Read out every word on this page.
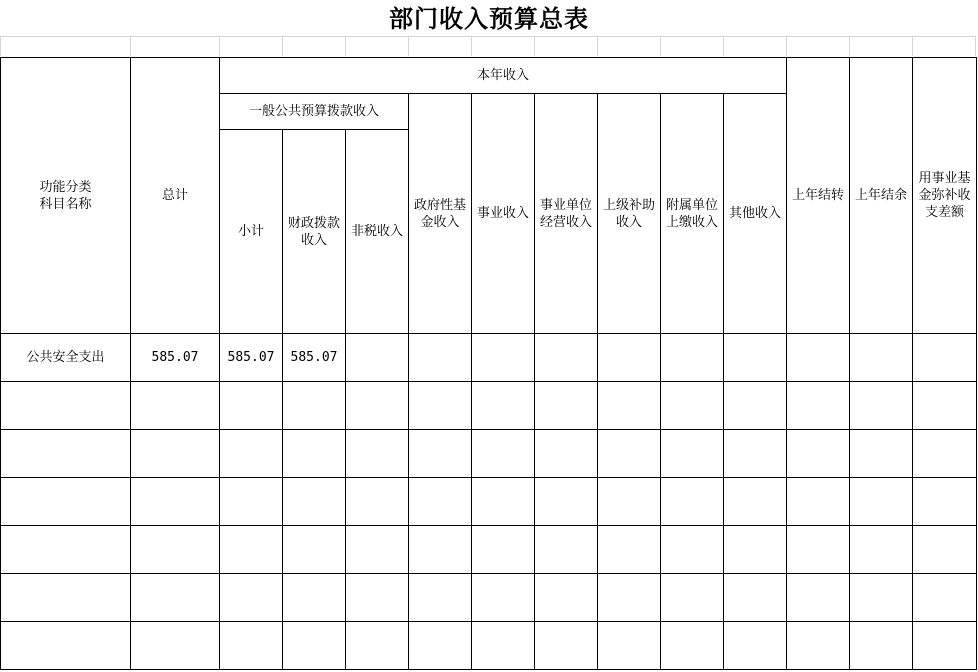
部门收入预算总表
功能分类
科目名称	总计	本年收入									上年结转	上年结余	用事业基金弥补收支差额
		一般公共预算拨款收入			政府性基金收入	事业收入	事业单位经营收入	上级补助收入	附属单位上缴收入	其他收入			
		小计	财政拨款收入	非税收入									
公共安全支出	585.07	585.07	585.07										
